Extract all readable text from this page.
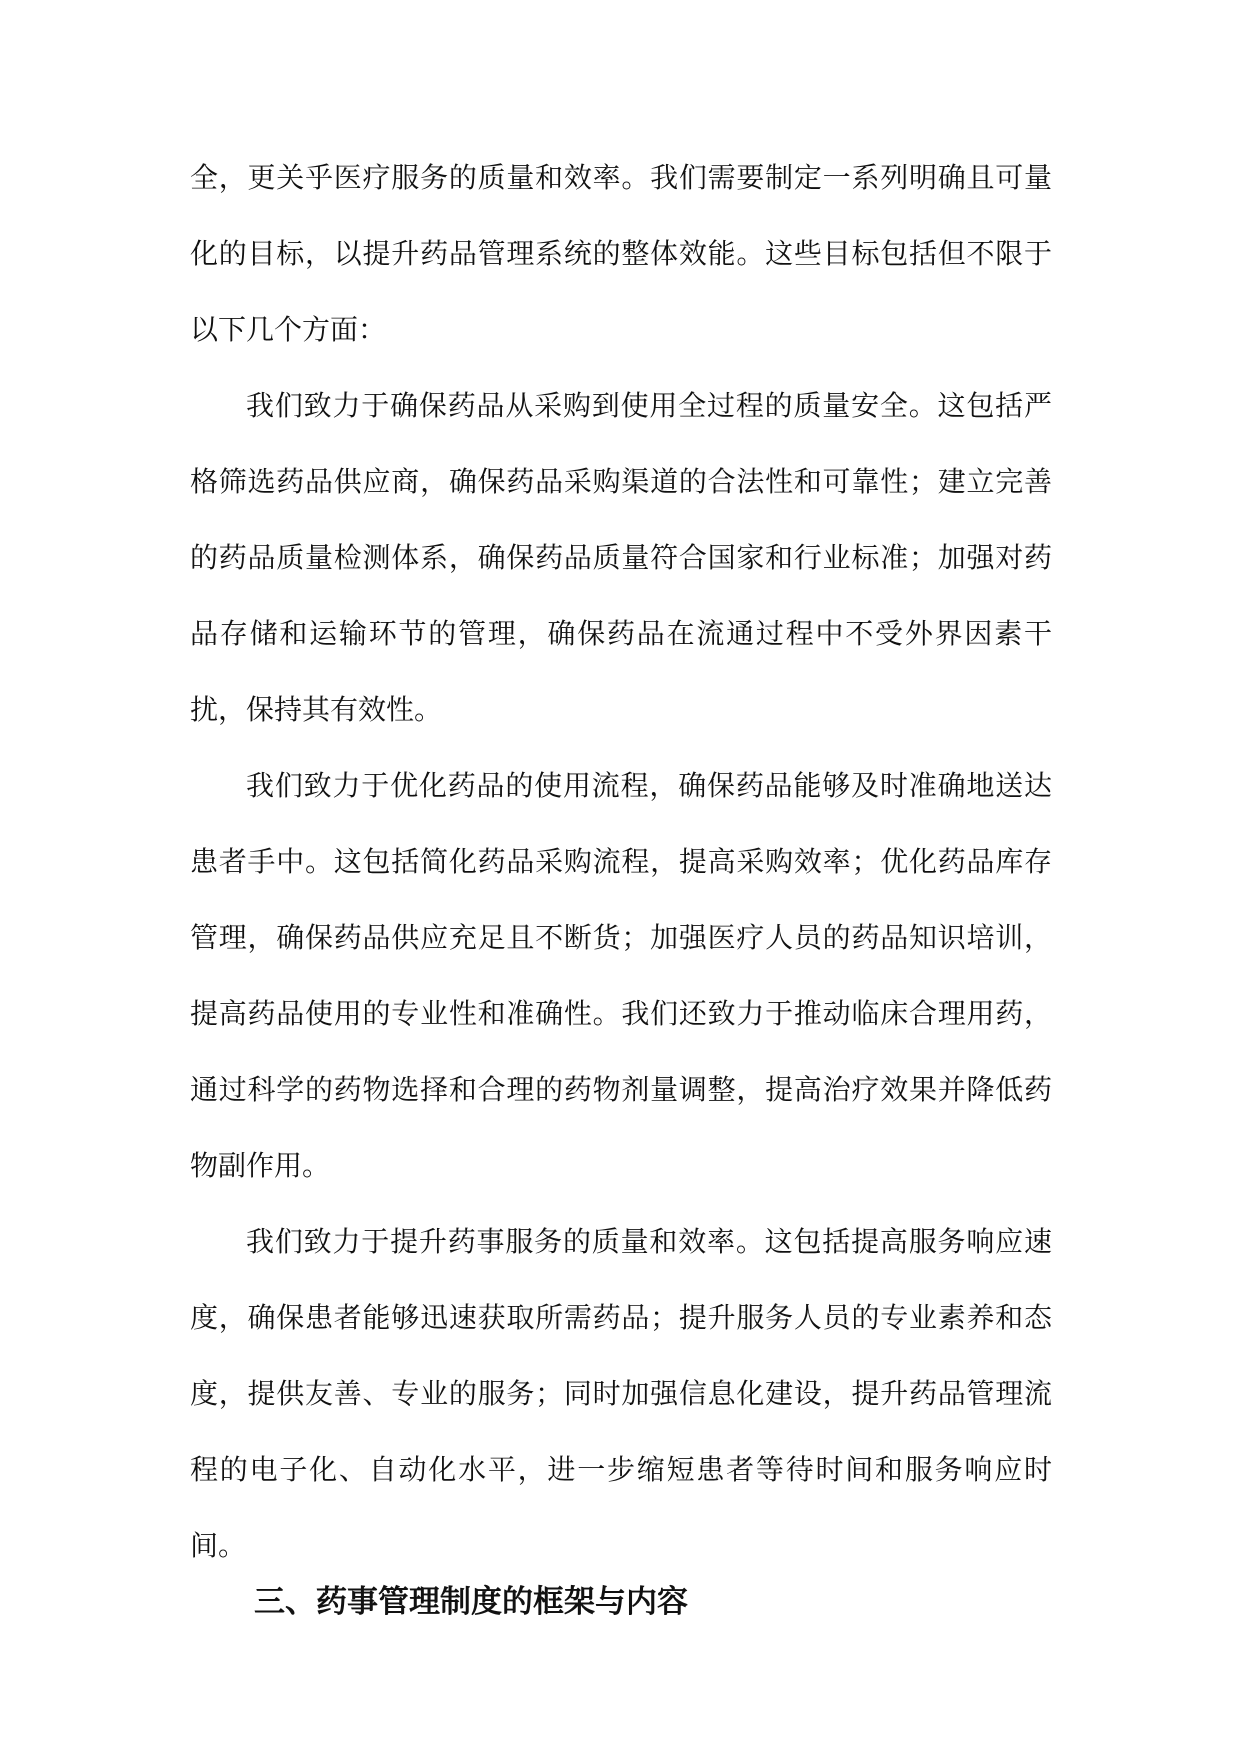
全，更关乎医疗服务的质量和效率。我们需要制定一系列明确且可量化的目标，以提升药品管理系统的整体效能。这些目标包括但不限于以下几个方面：

我们致力于确保药品从采购到使用全过程的质量安全。这包括严格筛选药品供应商，确保药品采购渠道的合法性和可靠性；建立完善的药品质量检测体系，确保药品质量符合国家和行业标准；加强对药品存储和运输环节的管理，确保药品在流通过程中不受外界因素干扰，保持其有效性。

我们致力于优化药品的使用流程，确保药品能够及时准确地送达患者手中。这包括简化药品采购流程，提高采购效率；优化药品库存管理，确保药品供应充足且不断货；加强医疗人员的药品知识培训，提高药品使用的专业性和准确性。我们还致力于推动临床合理用药，通过科学的药物选择和合理的药物剂量调整，提高治疗效果并降低药物副作用。

我们致力于提升药事服务的质量和效率。这包括提高服务响应速度，确保患者能够迅速获取所需药品；提升服务人员的专业素养和态度，提供友善、专业的服务；同时加强信息化建设，提升药品管理流程的电子化、自动化水平，进一步缩短患者等待时间和服务响应时间。

三、药事管理制度的框架与内容
